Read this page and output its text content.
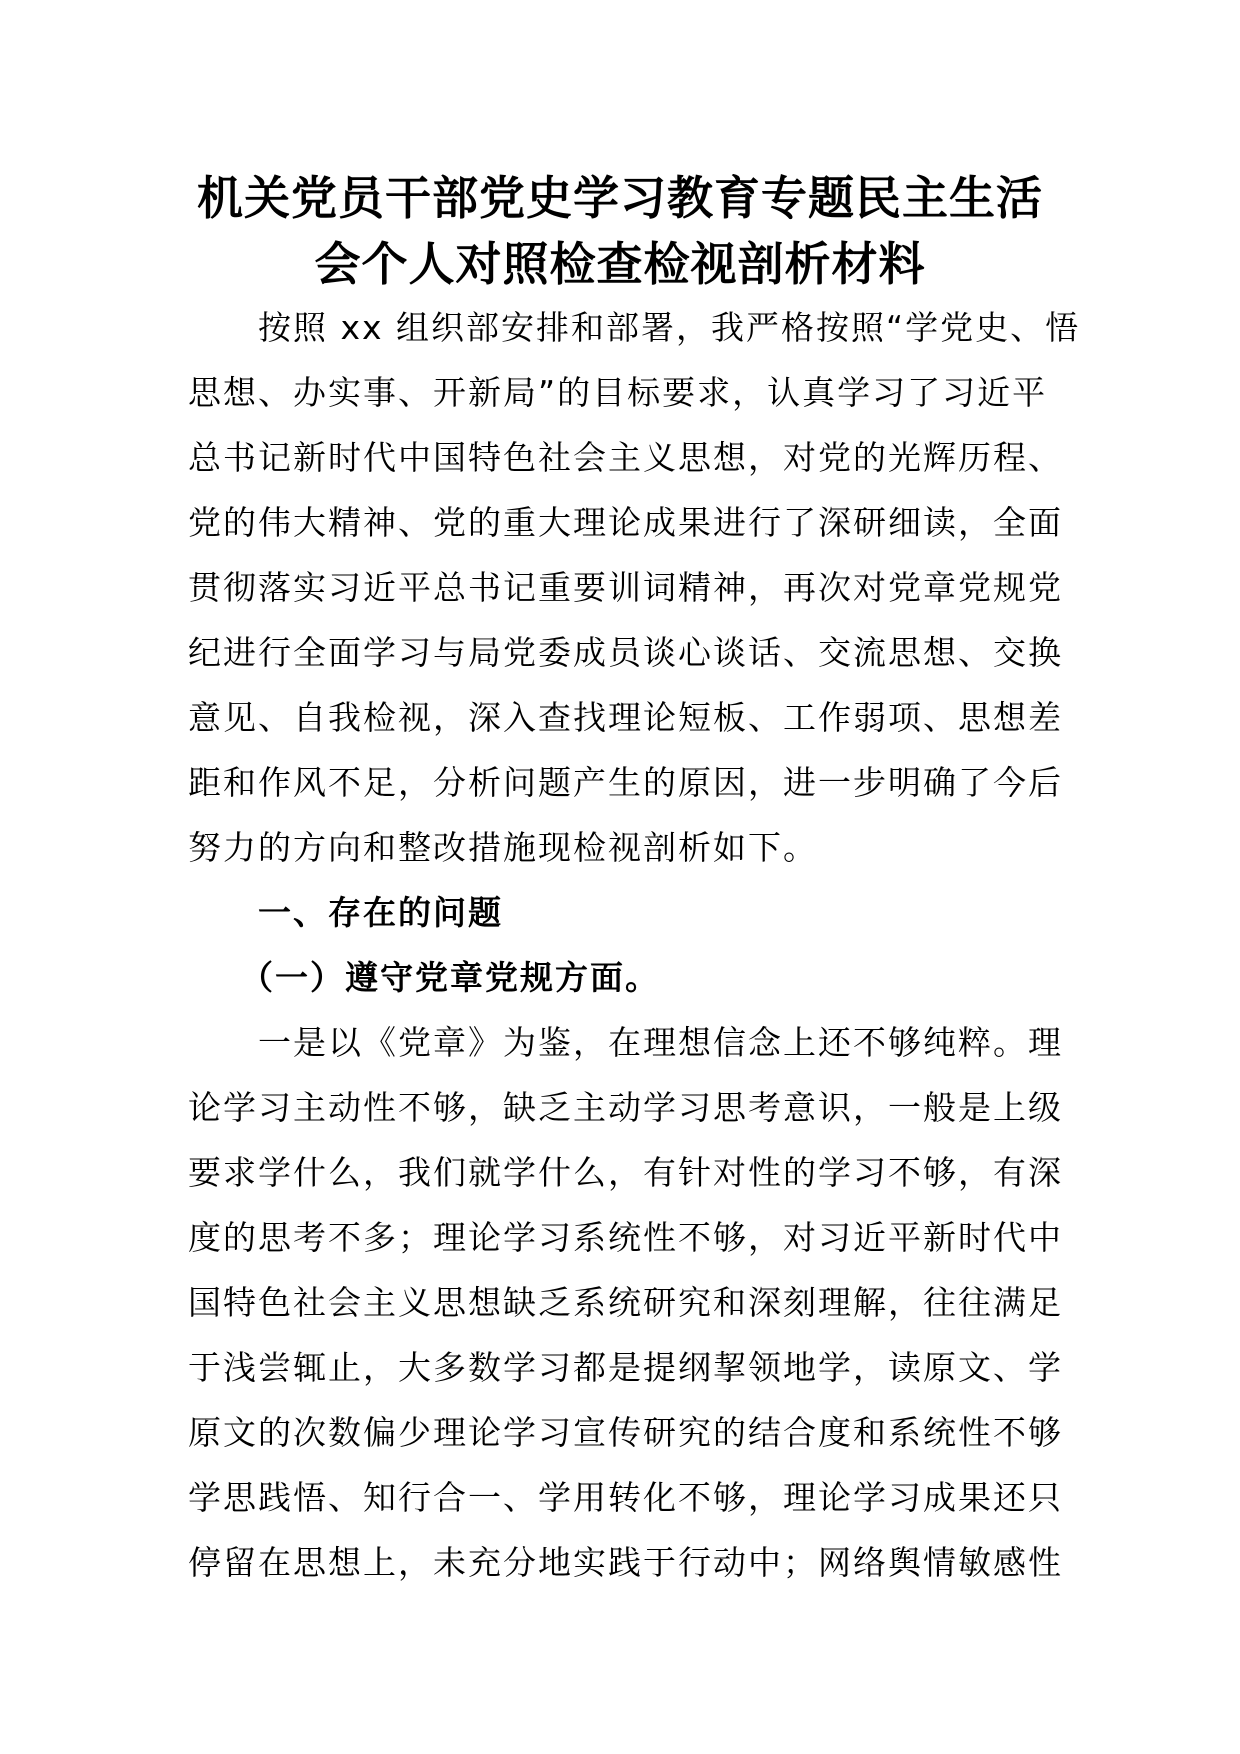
机关党员干部党史学习教育专题民主生活
会个人对照检查检视剖析材料
按照 xx 组织部安排和部署，我严格按照“学党史、悟
思想、办实事、开新局”的目标要求，认真学习了习近平
总书记新时代中国特色社会主义思想，对党的光辉历程、
党的伟大精神、党的重大理论成果进行了深研细读，全面
贯彻落实习近平总书记重要训词精神，再次对党章党规党
纪进行全面学习与局党委成员谈心谈话、交流思想、交换
意见、自我检视，深入查找理论短板、工作弱项、思想差
距和作风不足，分析问题产生的原因，进一步明确了今后
努力的方向和整改措施现检视剖析如下。
一、存在的问题
（一）遵守党章党规方面。
一是以《党章》为鉴，在理想信念上还不够纯粹。理
论学习主动性不够，缺乏主动学习思考意识，一般是上级
要求学什么，我们就学什么，有针对性的学习不够，有深
度的思考不多；理论学习系统性不够，对习近平新时代中
国特色社会主义思想缺乏系统研究和深刻理解，往往满足
于浅尝辄止，大多数学习都是提纲挈领地学，读原文、学
原文的次数偏少理论学习宣传研究的结合度和系统性不够
学思践悟、知行合一、学用转化不够，理论学习成果还只
停留在思想上，未充分地实践于行动中；网络舆情敏感性
